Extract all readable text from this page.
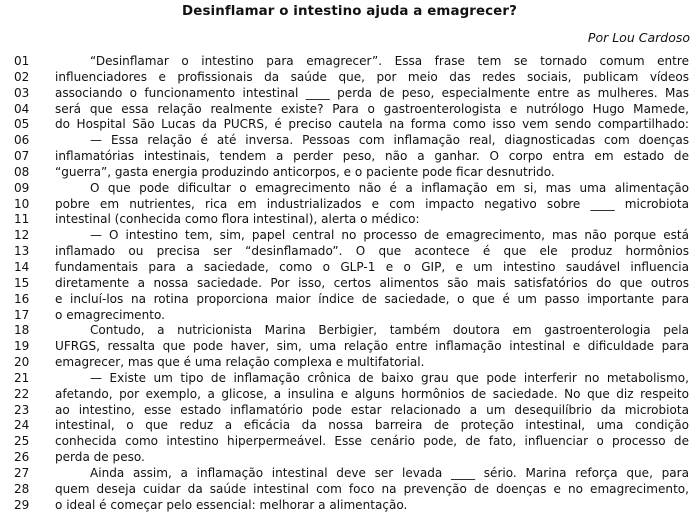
Desinflamar o intestino ajuda a emagrecer?
Por Lou Cardoso
01	“Desinflamar o intestino para emagrecer”. Essa frase tem se tornado comum entre
02	influenciadores e profissionais da saúde que, por meio das redes sociais, publicam vídeos
03	associando o funcionamento intestinal ____ perda de peso, especialmente entre as mulheres. Mas
04	será que essa relação realmente existe? Para o gastroenterologista e nutrólogo Hugo Mamede,
05	do Hospital São Lucas da PUCRS, é preciso cautela na forma como isso vem sendo compartilhado:
06	— Essa relação é até inversa. Pessoas com inflamação real, diagnosticadas com doenças
07	inflamatórias intestinais, tendem a perder peso, não a ganhar. O corpo entra em estado de
08	“guerra”, gasta energia produzindo anticorpos, e o paciente pode ficar desnutrido.
09	O que pode dificultar o emagrecimento não é a inflamação em si, mas uma alimentação
10	pobre em nutrientes, rica em industrializados e com impacto negativo sobre ____ microbiota
11	intestinal (conhecida como flora intestinal), alerta o médico:
12	— O intestino tem, sim, papel central no processo de emagrecimento, mas não porque está
13	inflamado ou precisa ser “desinflamado”. O que acontece é que ele produz hormônios
14	fundamentais para a saciedade, como o GLP-1 e o GIP, e um intestino saudável influencia
15	diretamente a nossa saciedade. Por isso, certos alimentos são mais satisfatórios do que outros
16	e incluí-los na rotina proporciona maior índice de saciedade, o que é um passo importante para
17	o emagrecimento.
18	Contudo, a nutricionista Marina Berbigier, também doutora em gastroenterologia pela
19	UFRGS, ressalta que pode haver, sim, uma relação entre inflamação intestinal e dificuldade para
20	emagrecer, mas que é uma relação complexa e multifatorial.
21	— Existe um tipo de inflamação crônica de baixo grau que pode interferir no metabolismo,
22	afetando, por exemplo, a glicose, a insulina e alguns hormônios de saciedade. No que diz respeito
23	ao intestino, esse estado inflamatório pode estar relacionado a um desequilíbrio da microbiota
24	intestinal, o que reduz a eficácia da nossa barreira de proteção intestinal, uma condição
25	conhecida como intestino hiperpermeável. Esse cenário pode, de fato, influenciar o processo de
26	perda de peso.
27	Ainda assim, a inflamação intestinal deve ser levada ____ sério. Marina reforça que, para
28	quem deseja cuidar da saúde intestinal com foco na prevenção de doenças e no emagrecimento,
29	o ideal é começar pelo essencial: melhorar a alimentação.
